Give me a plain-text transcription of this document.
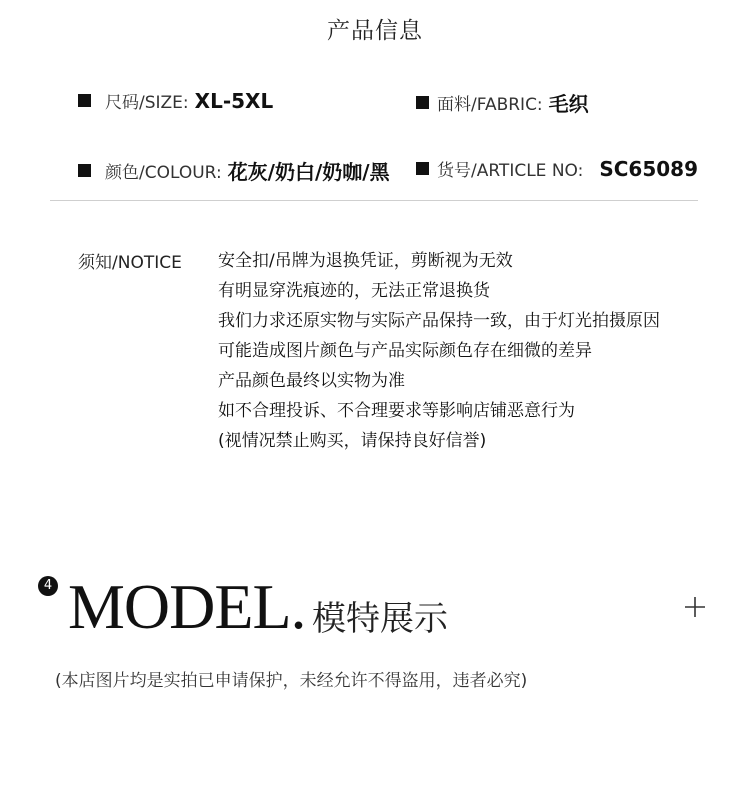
产品信息
尺码/SIZE: XL-5XL	面料/FABRIC: 毛织
颜色/COLOUR: 花灰/奶白/奶咖/黑	货号/ARTICLE NO: SC65089
须知/NOTICE 安全扣/吊牌为退换凭证，剪断视为无效
有明显穿洗痕迹的，无法正常退换货
我们力求还原实物与实际产品保持一致，由于灯光拍摄原因
可能造成图片颜色与产品实际颜色存在细微的差异
产品颜色最终以实物为准
如不合理投诉、不合理要求等影响店铺恶意行为
(视情况禁止购买，请保持良好信誉)
4 MODEL. 模特展示
(本店图片均是实拍已申请保护，未经允许不得盗用，违者必究)
